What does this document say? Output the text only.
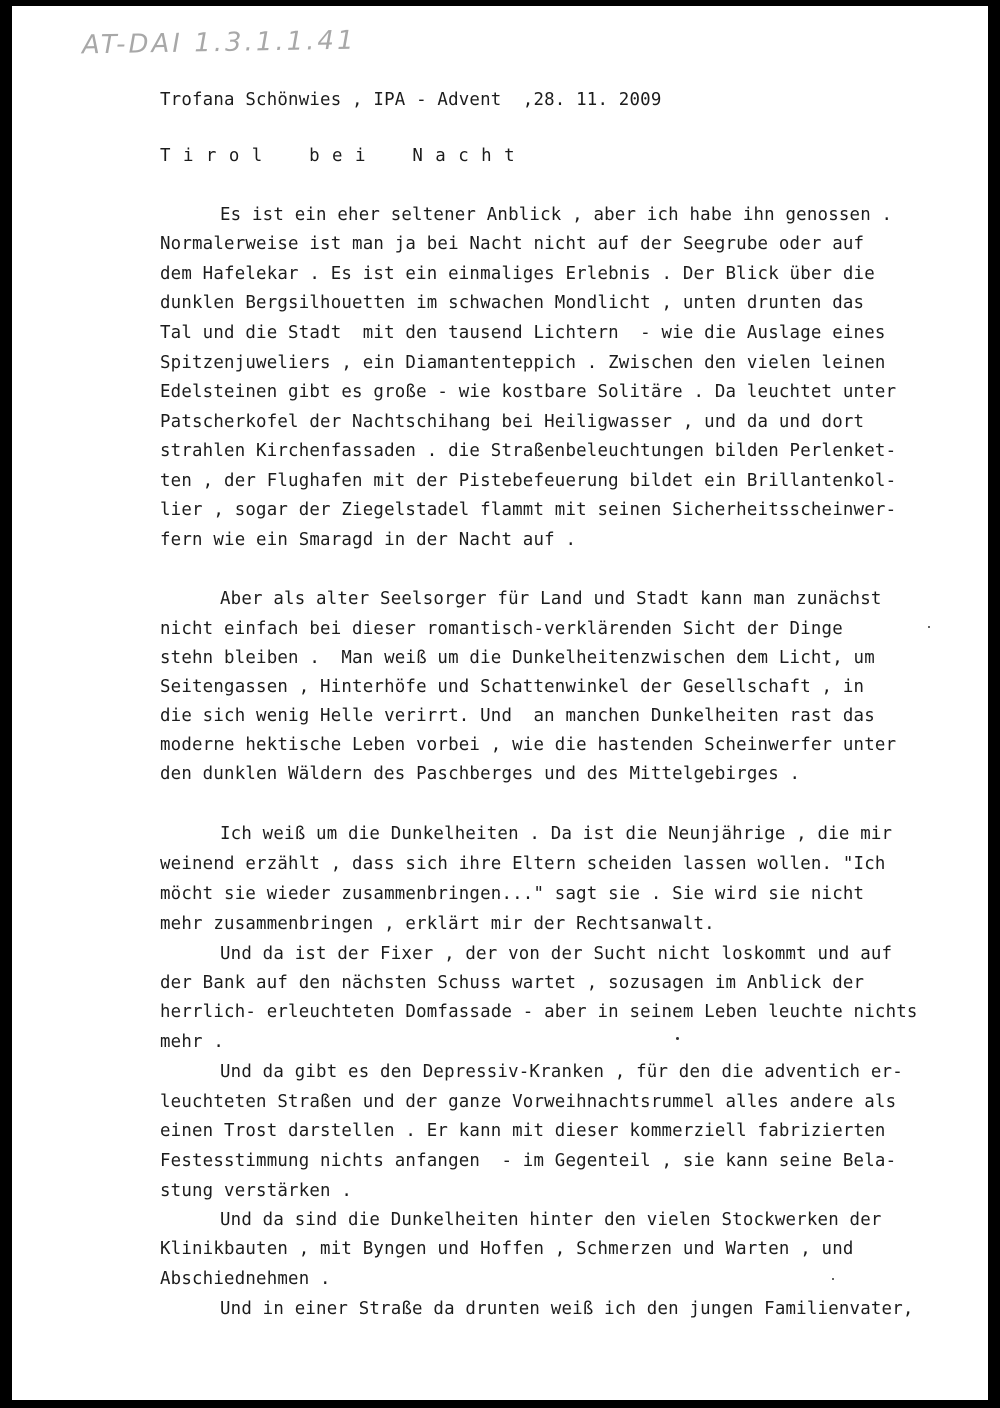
AT-DAI 1.3.1.1.41
Trofana Schönwies , IPA - Advent  ,28. 11. 2009
T i r o l    b e i    N a c h t
Es ist ein eher seltener Anblick , aber ich habe ihn genossen .
Normalerweise ist man ja bei Nacht nicht auf der Seegrube oder auf
dem Hafelekar . Es ist ein einmaliges Erlebnis . Der Blick über die
dunklen Bergsilhouetten im schwachen Mondlicht , unten drunten das
Tal und die Stadt  mit den tausend Lichtern  - wie die Auslage eines
Spitzenjuweliers , ein Diamantenteppich . Zwischen den vielen leinen
Edelsteinen gibt es große - wie kostbare Solitäre . Da leuchtet unter
Patscherkofel der Nachtschihang bei Heiligwasser , und da und dort
strahlen Kirchenfassaden . die Straßenbeleuchtungen bilden Perlenket-
ten , der Flughafen mit der Pistebefeuerung bildet ein Brillantenkol-
lier , sogar der Ziegelstadel flammt mit seinen Sicherheitsscheinwer-
fern wie ein Smaragd in der Nacht auf .
Aber als alter Seelsorger für Land und Stadt kann man zunächst
nicht einfach bei dieser romantisch-verklärenden Sicht der Dinge
stehn bleiben .  Man weiß um die Dunkelheitenzwischen dem Licht, um
Seitengassen , Hinterhöfe und Schattenwinkel der Gesellschaft , in
die sich wenig Helle verirrt. Und  an manchen Dunkelheiten rast das
moderne hektische Leben vorbei , wie die hastenden Scheinwerfer unter
den dunklen Wäldern des Paschberges und des Mittelgebirges .
Ich weiß um die Dunkelheiten . Da ist die Neunjährige , die mir
weinend erzählt , dass sich ihre Eltern scheiden lassen wollen. "Ich
möcht sie wieder zusammenbringen..." sagt sie . Sie wird sie nicht
mehr zusammenbringen , erklärt mir der Rechtsanwalt.
Und da ist der Fixer , der von der Sucht nicht loskommt und auf
der Bank auf den nächsten Schuss wartet , sozusagen im Anblick der
herrlich- erleuchteten Domfassade - aber in seinem Leben leuchte nichts
mehr .
Und da gibt es den Depressiv-Kranken , für den die adventich er-
leuchteten Straßen und der ganze Vorweihnachtsrummel alles andere als
einen Trost darstellen . Er kann mit dieser kommerziell fabrizierten
Festesstimmung nichts anfangen  - im Gegenteil , sie kann seine Bela-
stung verstärken .
Und da sind die Dunkelheiten hinter den vielen Stockwerken der
Klinikbauten , mit Byngen und Hoffen , Schmerzen und Warten , und
Abschiednehmen .
Und in einer Straße da drunten weiß ich den jungen Familienvater,
